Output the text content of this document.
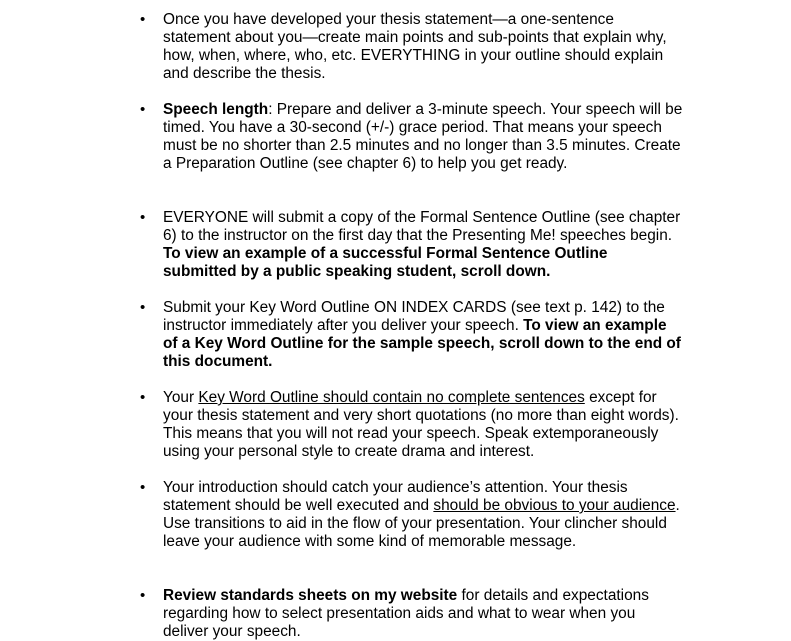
•	Once you have developed your thesis statement—a one-sentence statement about you—create main points and sub-points that explain why, how, when, where, who, etc. EVERYTHING in your outline should explain and describe the thesis.

•	Speech length: Prepare and deliver a 3-minute speech. Your speech will be timed. You have a 30-second (+/-) grace period. That means your speech must be no shorter than 2.5 minutes and no longer than 3.5 minutes. Create a Preparation Outline (see chapter 6) to help you get ready.

•	EVERYONE will submit a copy of the Formal Sentence Outline (see chapter 6) to the instructor on the first day that the Presenting Me! speeches begin. To view an example of a successful Formal Sentence Outline submitted by a public speaking student, scroll down.

•	Submit your Key Word Outline ON INDEX CARDS (see text p. 142) to the instructor immediately after you deliver your speech. To view an example of a Key Word Outline for the sample speech, scroll down to the end of this document.

•	Your Key Word Outline should contain no complete sentences except for your thesis statement and very short quotations (no more than eight words). This means that you will not read your speech. Speak extemporaneously using your personal style to create drama and interest.

•	Your introduction should catch your audience’s attention. Your thesis statement should be well executed and should be obvious to your audience. Use transitions to aid in the flow of your presentation. Your clincher should leave your audience with some kind of memorable message.

•	Review standards sheets on my website for details and expectations regarding how to select presentation aids and what to wear when you deliver your speech.
